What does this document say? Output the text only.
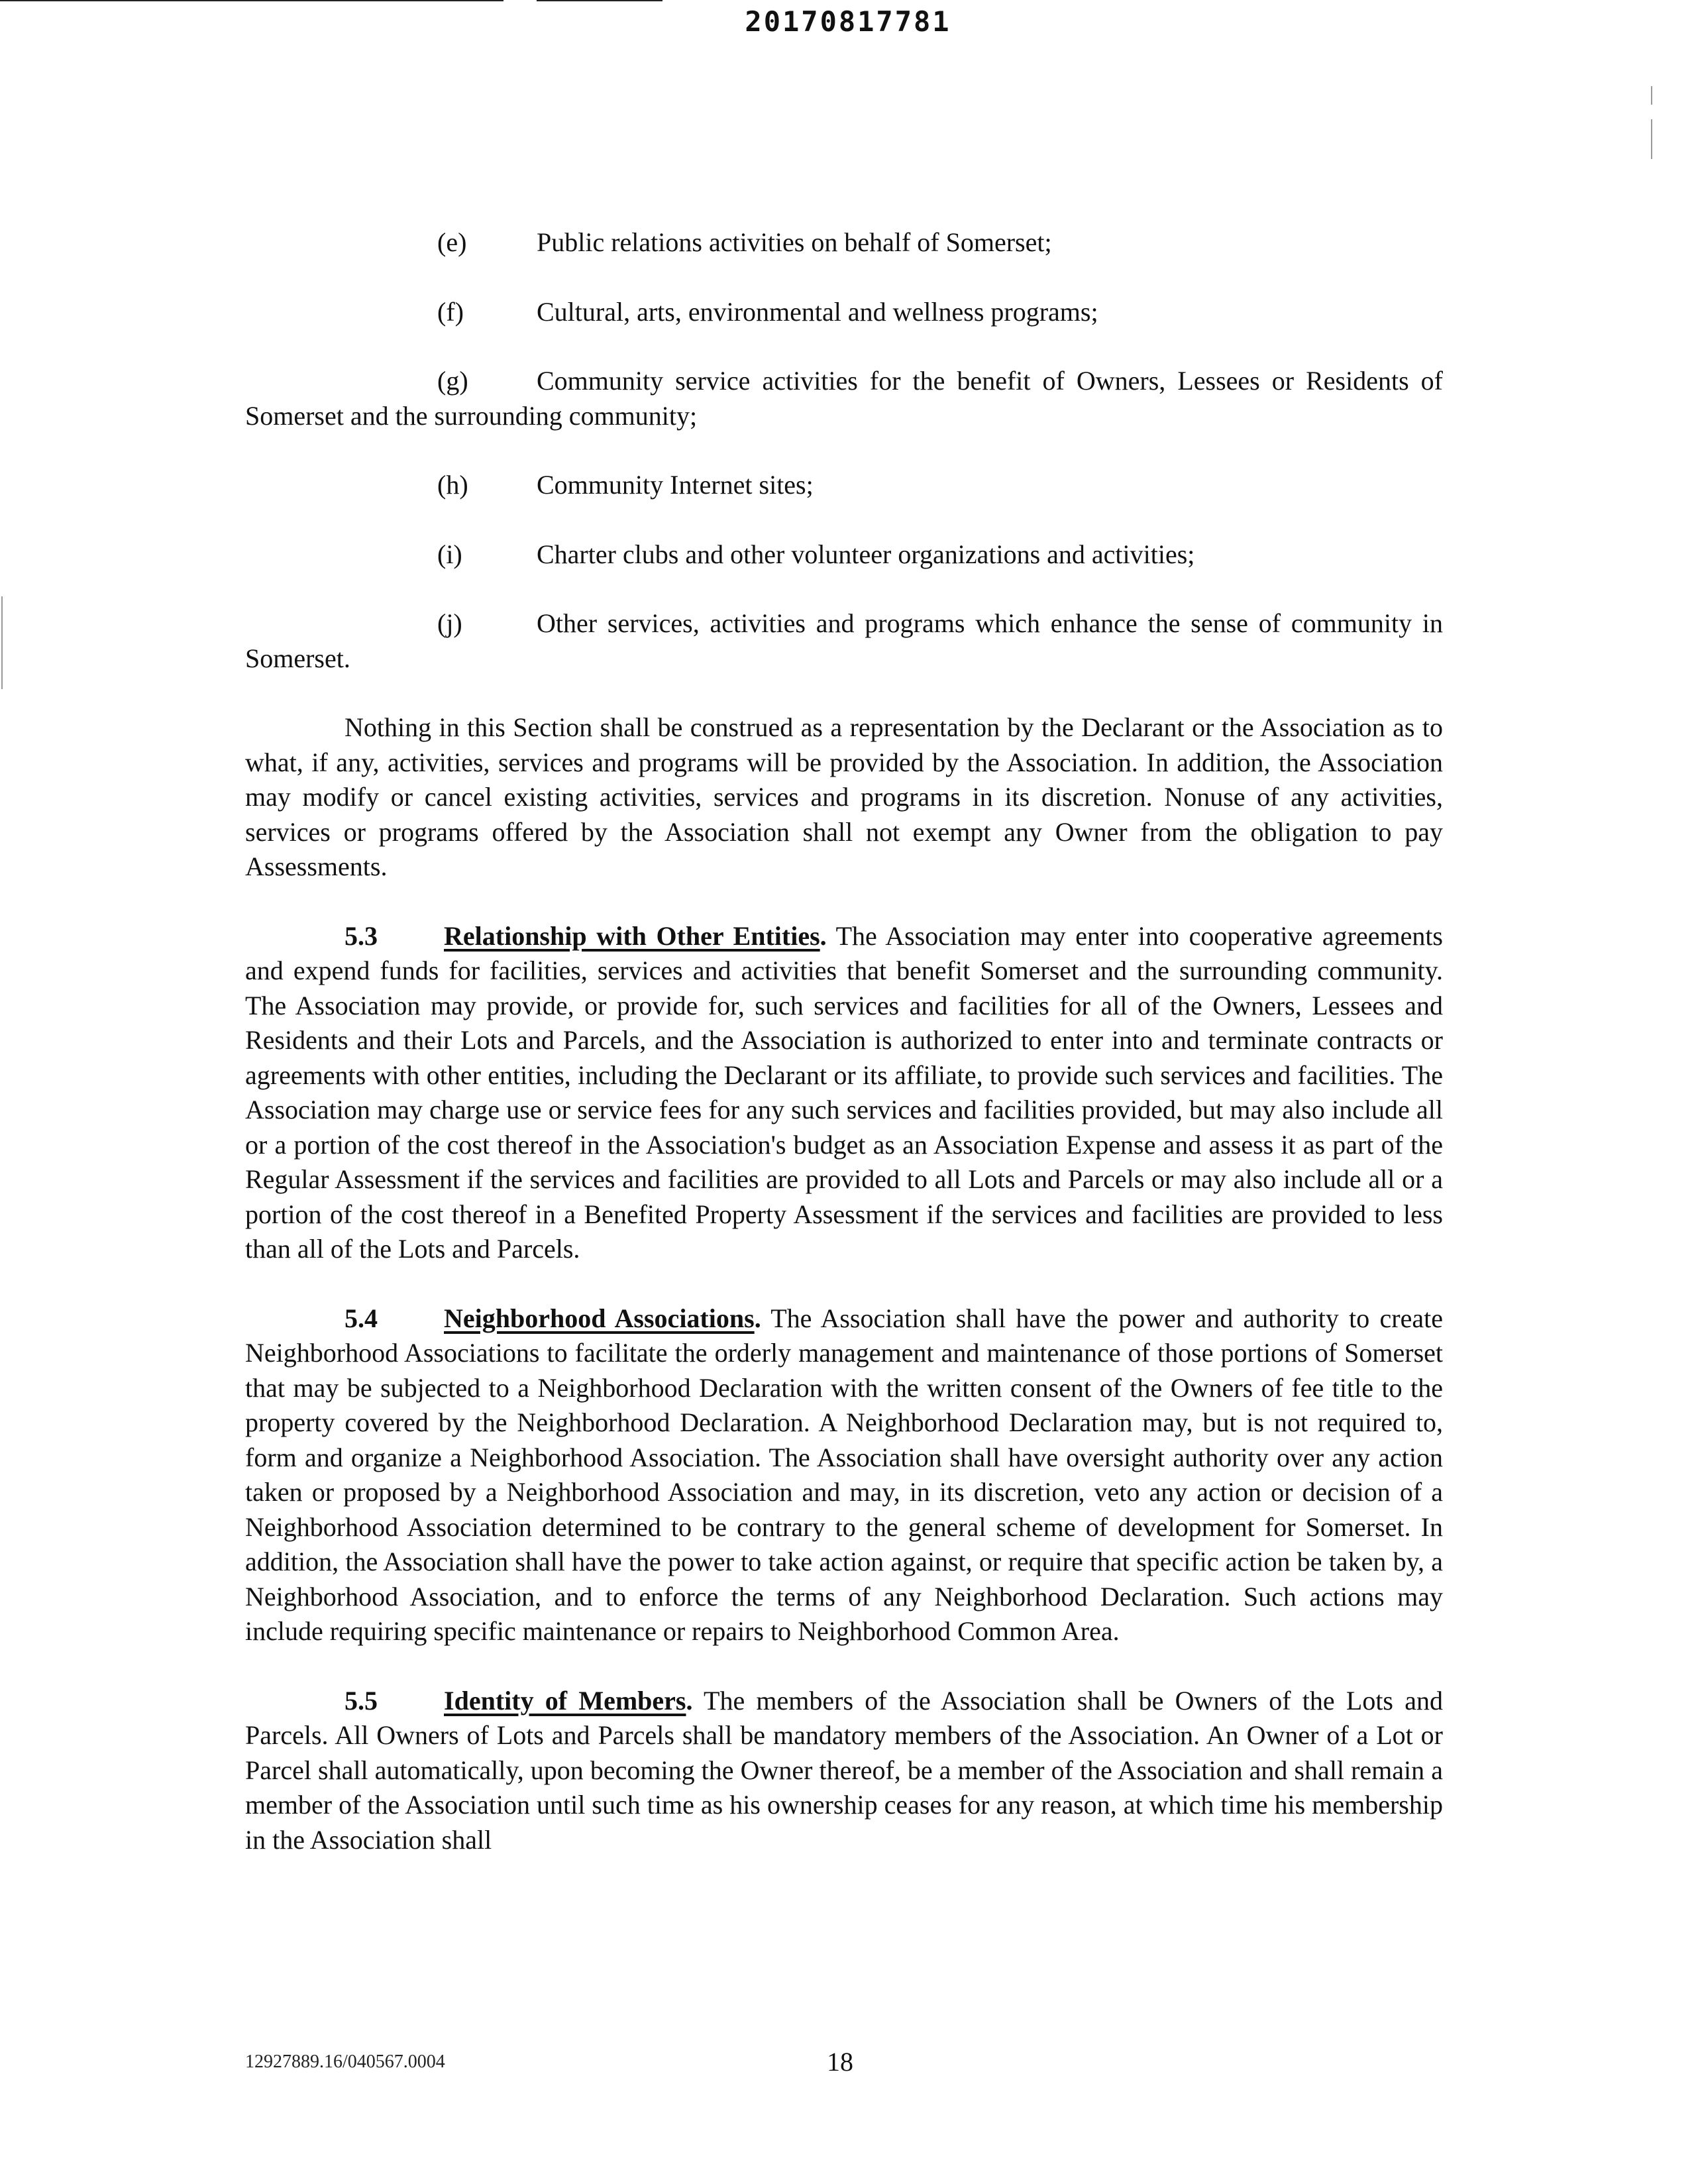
20170817781
(e)	Public relations activities on behalf of Somerset;
(f)	Cultural, arts, environmental and wellness programs;
(g)	Community service activities for the benefit of Owners, Lessees or Residents of Somerset and the surrounding community;
(h)	Community Internet sites;
(i)	Charter clubs and other volunteer organizations and activities;
(j)	Other services, activities and programs which enhance the sense of community in Somerset.

Nothing in this Section shall be construed as a representation by the Declarant or the Association as to what, if any, activities, services and programs will be provided by the Association. In addition, the Association may modify or cancel existing activities, services and programs in its discretion. Nonuse of any activities, services or programs offered by the Association shall not exempt any Owner from the obligation to pay Assessments.

5.3	Relationship with Other Entities. The Association may enter into cooperative agreements and expend funds for facilities, services and activities that benefit Somerset and the surrounding community. The Association may provide, or provide for, such services and facilities for all of the Owners, Lessees and Residents and their Lots and Parcels, and the Association is authorized to enter into and terminate contracts or agreements with other entities, including the Declarant or its affiliate, to provide such services and facilities. The Association may charge use or service fees for any such services and facilities provided, but may also include all or a portion of the cost thereof in the Association's budget as an Association Expense and assess it as part of the Regular Assessment if the services and facilities are provided to all Lots and Parcels or may also include all or a portion of the cost thereof in a Benefited Property Assessment if the services and facilities are provided to less than all of the Lots and Parcels.

5.4	Neighborhood Associations. The Association shall have the power and authority to create Neighborhood Associations to facilitate the orderly management and maintenance of those portions of Somerset that may be subjected to a Neighborhood Declaration with the written consent of the Owners of fee title to the property covered by the Neighborhood Declaration. A Neighborhood Declaration may, but is not required to, form and organize a Neighborhood Association. The Association shall have oversight authority over any action taken or proposed by a Neighborhood Association and may, in its discretion, veto any action or decision of a Neighborhood Association determined to be contrary to the general scheme of development for Somerset. In addition, the Association shall have the power to take action against, or require that specific action be taken by, a Neighborhood Association, and to enforce the terms of any Neighborhood Declaration. Such actions may include requiring specific maintenance or repairs to Neighborhood Common Area.

5.5	Identity of Members. The members of the Association shall be Owners of the Lots and Parcels. All Owners of Lots and Parcels shall be mandatory members of the Association. An Owner of a Lot or Parcel shall automatically, upon becoming the Owner thereof, be a member of the Association and shall remain a member of the Association until such time as his ownership ceases for any reason, at which time his membership in the Association shall

12927889.16/040567.0004	18
